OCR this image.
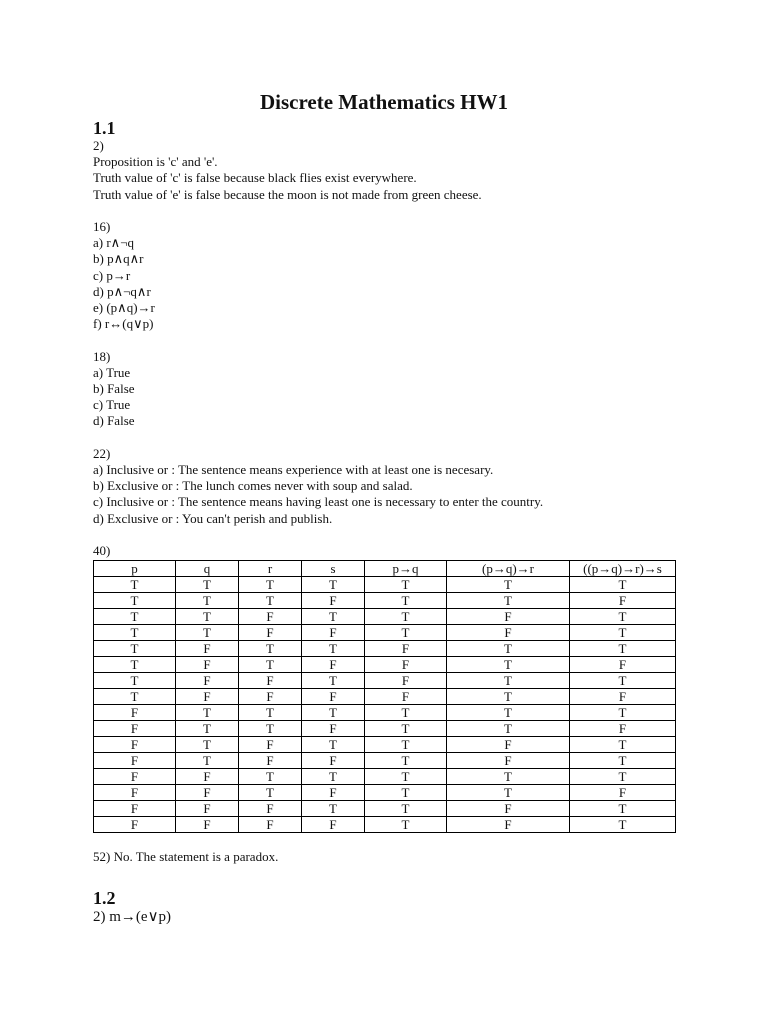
Discrete Mathematics HW1
1.1
2)
Proposition is 'c' and 'e'.
Truth value of 'c' is false because black flies exist everywhere.
Truth value of 'e' is false because the moon is not made from green cheese.
16)
a) r∧¬q
b) p∧q∧r
c) p→r
d) p∧¬q∧r
e) (p∧q)→r
f) r↔(q∨p)
18)
a) True
b) False
c) True
d) False
22)
a) Inclusive or : The sentence means experience with at least one is necesary.
b) Exclusive or : The lunch comes never with soup and salad.
c) Inclusive or : The sentence means having least one is necessary to enter the country.
d) Exclusive or : You can't perish and publish.
40)
p	q	r	s	p→q	(p→q)→r	((p→q)→r)→s
T	T	T	T	T	T	T
T	T	T	F	T	T	F
T	T	F	T	T	F	T
T	T	F	F	T	F	T
T	F	T	T	F	T	T
T	F	T	F	F	T	F
T	F	F	T	F	T	T
T	F	F	F	F	T	F
F	T	T	T	T	T	T
F	T	T	F	T	T	F
F	T	F	T	T	F	T
F	T	F	F	T	F	T
F	F	T	T	T	T	T
F	F	T	F	T	T	F
F	F	F	T	T	F	T
F	F	F	F	T	F	T
52) No. The statement is a paradox.
1.2
2) m→(e∨p)
